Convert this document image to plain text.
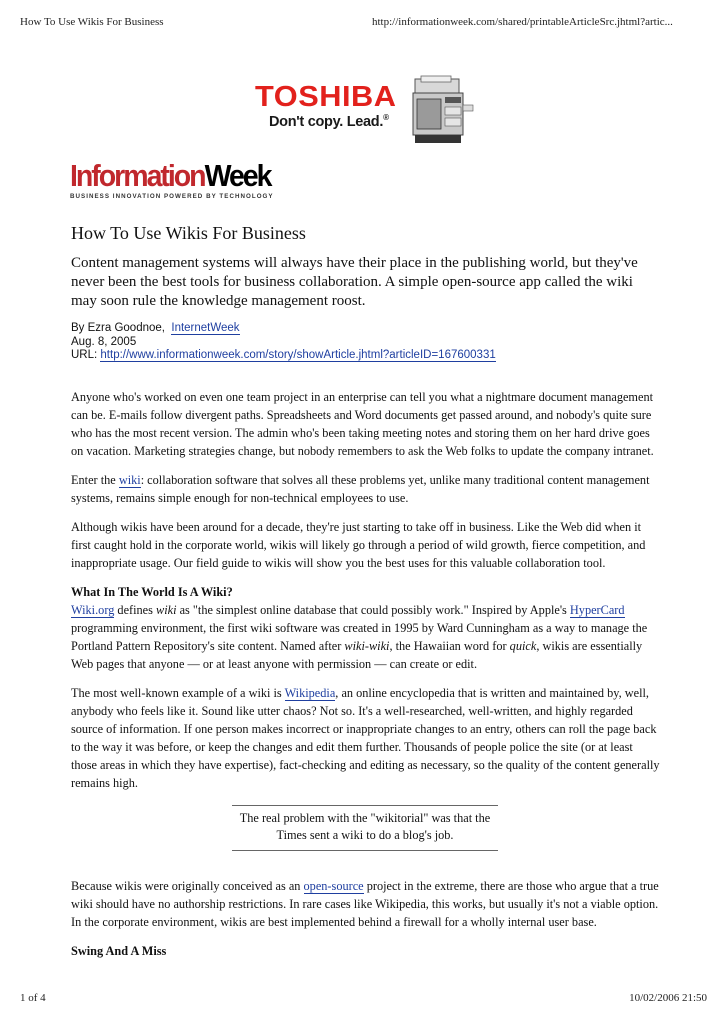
How To Use Wikis For Business	http://informationweek.com/shared/printableArticleSrc.jhtml?artic...
TOSHIBA
Don't copy. Lead.®
InformationWeek
BUSINESS INNOVATION POWERED BY TECHNOLOGY
How To Use Wikis For Business
Content management systems will always have their place in the publishing world, but they've never been the best tools for business collaboration. A simple open-source app called the wiki may soon rule the knowledge management roost.
By Ezra Goodnoe, InternetWeek
Aug. 8, 2005
URL: http://www.informationweek.com/story/showArticle.jhtml?articleID=167600331

Anyone who's worked on even one team project in an enterprise can tell you what a nightmare document management can be. E-mails follow divergent paths. Spreadsheets and Word documents get passed around, and nobody's quite sure who has the most recent version. The admin who's been taking meeting notes and storing them on her hard drive goes on vacation. Marketing strategies change, but nobody remembers to ask the Web folks to update the company intranet.

Enter the wiki: collaboration software that solves all these problems yet, unlike many traditional content management systems, remains simple enough for non-technical employees to use.

Although wikis have been around for a decade, they're just starting to take off in business. Like the Web did when it first caught hold in the corporate world, wikis will likely go through a period of wild growth, fierce competition, and inappropriate usage. Our field guide to wikis will show you the best uses for this valuable collaboration tool.

What In The World Is A Wiki?

Wiki.org defines wiki as "the simplest online database that could possibly work." Inspired by Apple's HyperCard programming environment, the first wiki software was created in 1995 by Ward Cunningham as a way to manage the Portland Pattern Repository's site content. Named after wiki-wiki, the Hawaiian word for quick, wikis are essentially Web pages that anyone — or at least anyone with permission — can create or edit.

The most well-known example of a wiki is Wikipedia, an online encyclopedia that is written and maintained by, well, anybody who feels like it. Sound like utter chaos? Not so. It's a well-researched, well-written, and highly regarded source of information. If one person makes incorrect or inappropriate changes to an entry, others can roll the page back to the way it was before, or keep the changes and edit them further. Thousands of people police the site (or at least those areas in which they have expertise), fact-checking and editing as necessary, so the quality of the content generally remains high.

The real problem with the "wikitorial" was that the Times sent a wiki to do a blog's job.

Because wikis were originally conceived as an open-source project in the extreme, there are those who argue that a true wiki should have no authorship restrictions. In rare cases like Wikipedia, this works, but usually it's not a viable option. In the corporate environment, wikis are best implemented behind a firewall for a wholly internal user base.

Swing And A Miss
1 of 4	10/02/2006 21:50
